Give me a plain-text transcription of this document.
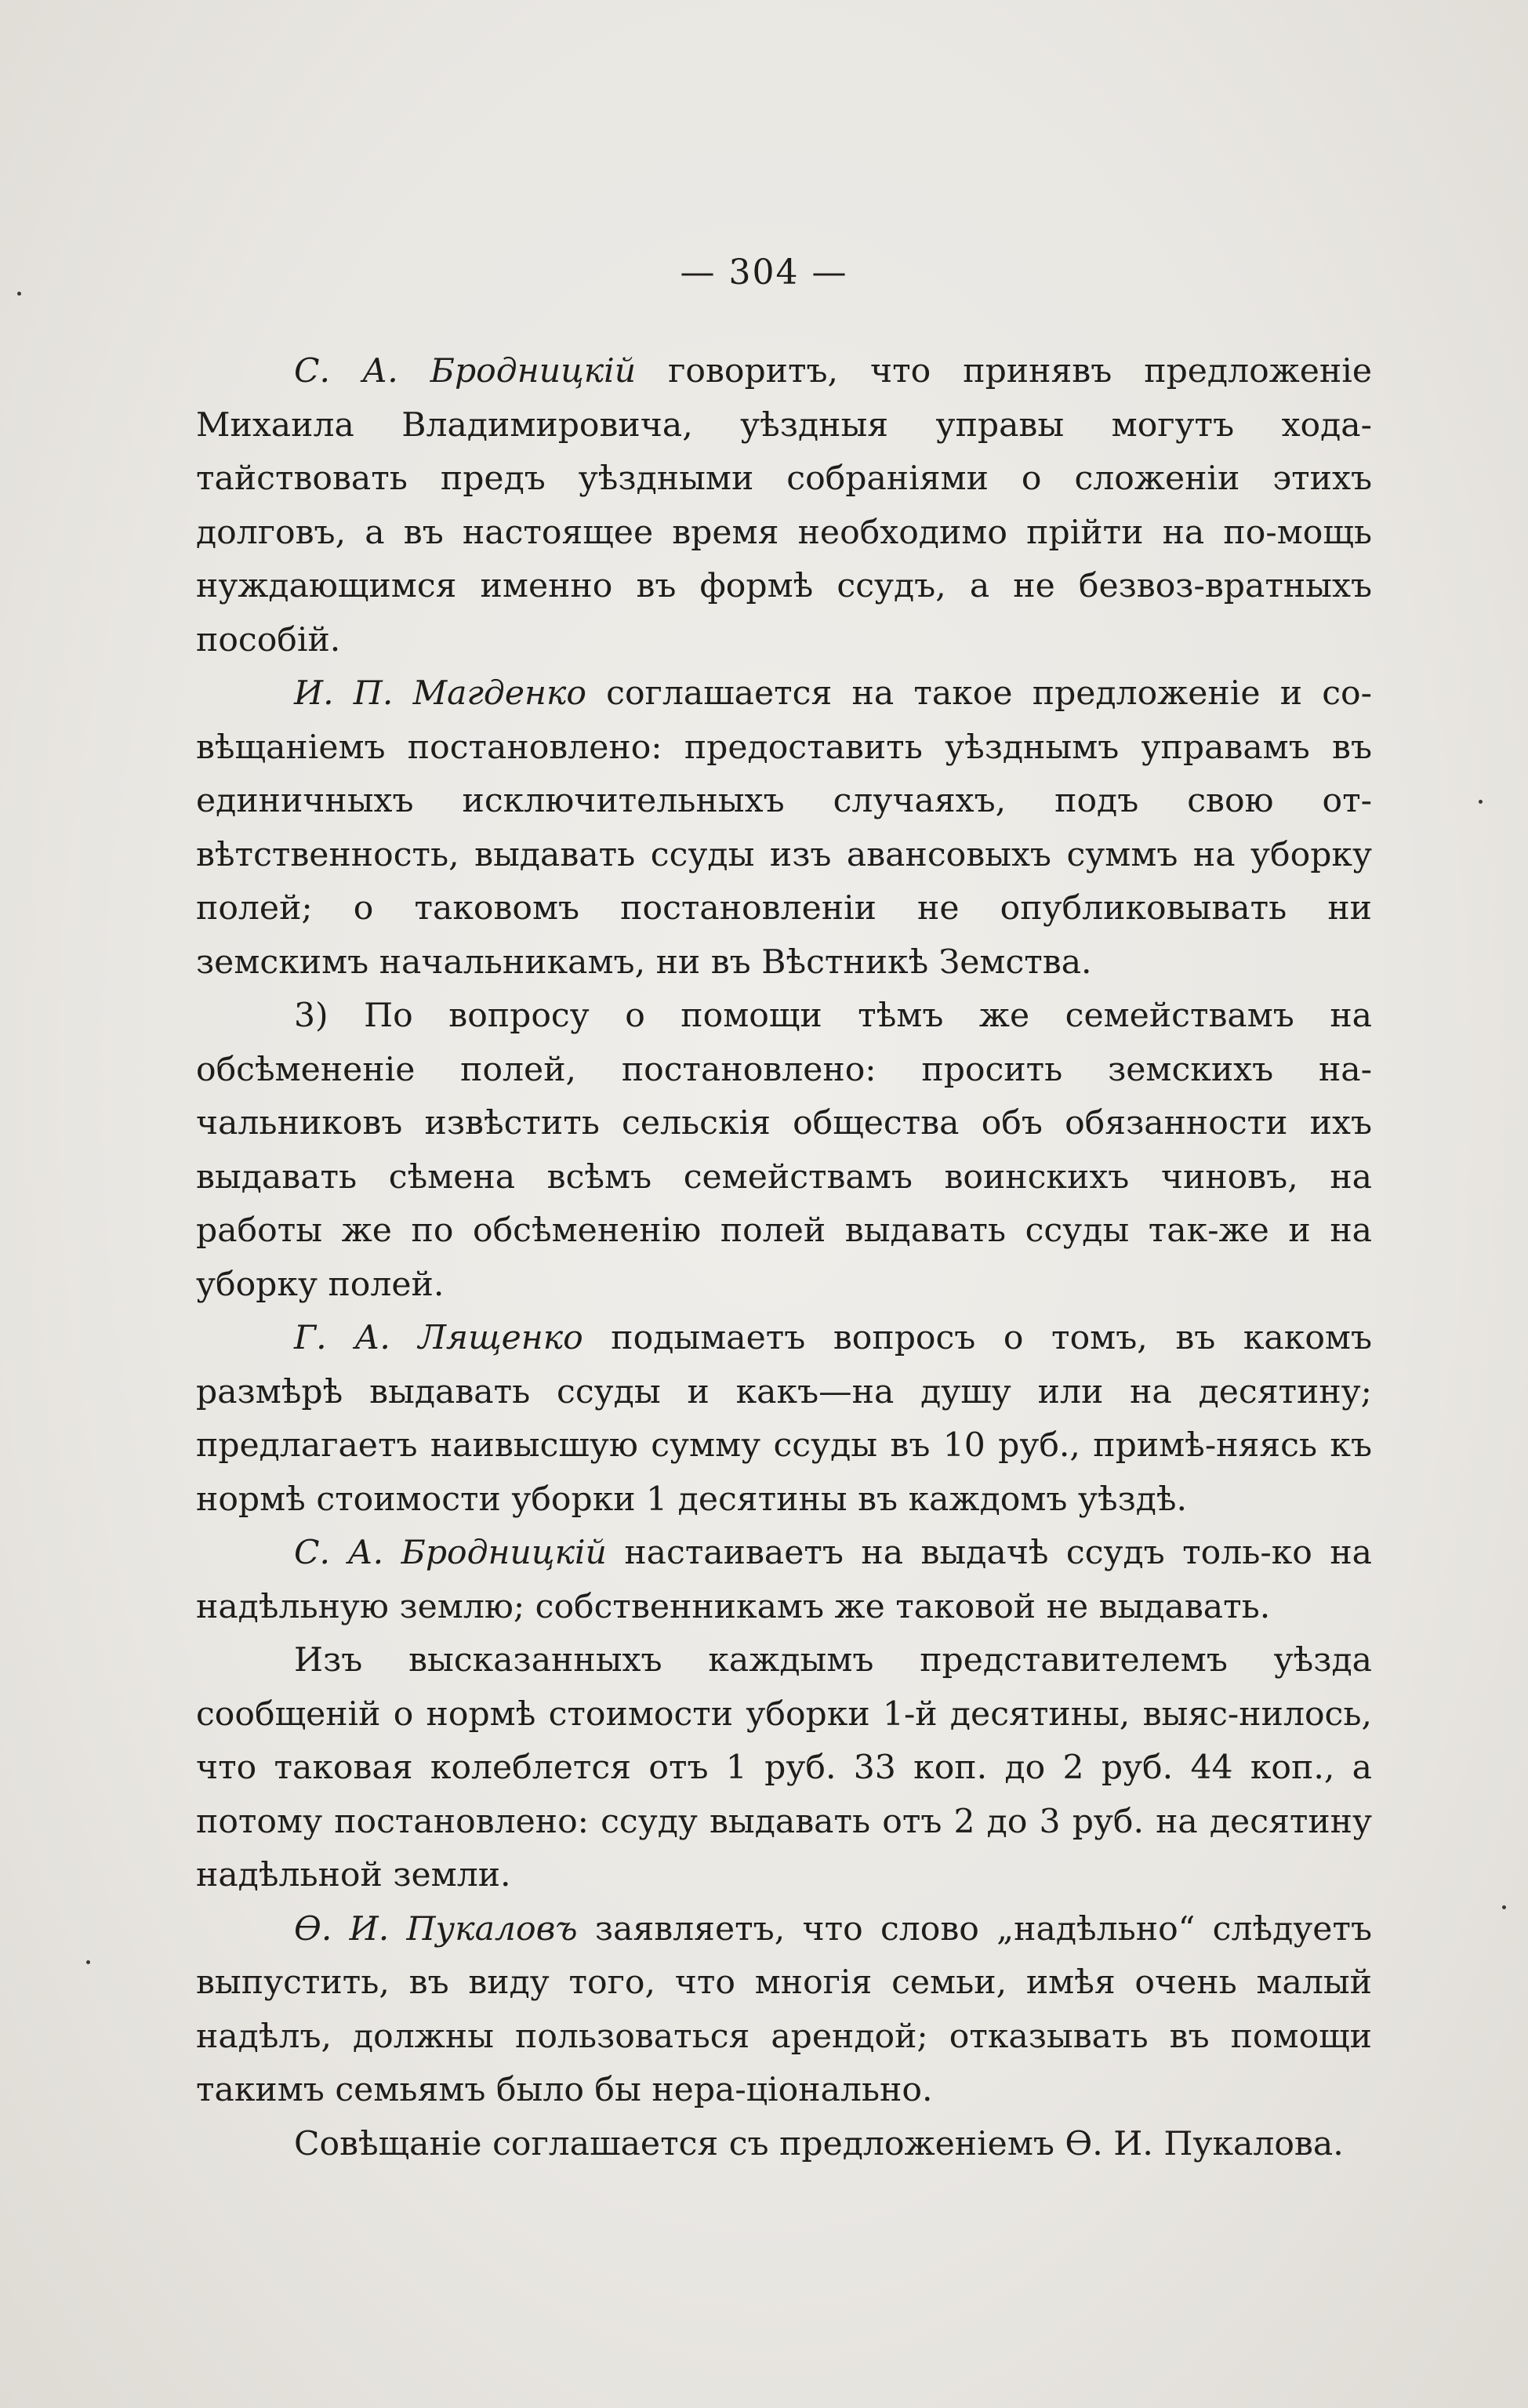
— 304 —

С. А. Бродницкій говоритъ, что принявъ предложеніе Михаила Владимировича, уѣздныя управы могутъ хода-тайствовать предъ уѣздными собраніями о сложеніи этихъ долговъ, а въ настоящее время необходимо прійти на по-мощь нуждающимся именно въ формѣ ссудъ, а не безвоз-вратныхъ пособій.

И. П. Магденко соглашается на такое предложеніе и со-вѣщаніемъ постановлено: предоставить уѣзднымъ управамъ въ единичныхъ исключительныхъ случаяхъ, подъ свою от-вѣтственность, выдавать ссуды изъ авансовыхъ суммъ на уборку полей; о таковомъ постановленіи не опубликовывать ни земскимъ начальникамъ, ни въ Вѣстникѣ Земства.

3) По вопросу о помощи тѣмъ же семействамъ на обсѣмененіе полей, постановлено: просить земскихъ на-чальниковъ извѣстить сельскія общества объ обязанности ихъ выдавать сѣмена всѣмъ семействамъ воинскихъ чиновъ, на работы же по обсѣмененію полей выдавать ссуды так-же и на уборку полей.

Г. А. Лященко подымаетъ вопросъ о томъ, въ какомъ размѣрѣ выдавать ссуды и какъ—на душу или на десятину; предлагаетъ наивысшую сумму ссуды въ 10 руб., примѣ-няясь къ нормѣ стоимости уборки 1 десятины въ каждомъ уѣздѣ.

С. А. Бродницкій настаиваетъ на выдачѣ ссудъ толь-ко на надѣльную землю; собственникамъ же таковой не выдавать.

Изъ высказанныхъ каждымъ представителемъ уѣзда сообщеній о нормѣ стоимости уборки 1-й десятины, выяс-нилось, что таковая колеблется отъ 1 руб. 33 коп. до 2 руб. 44 коп., а потому постановлено: ссуду выдавать отъ 2 до 3 руб. на десятину надѣльной земли.

Ѳ. И. Пукаловъ заявляетъ, что слово „надѣльно“ слѣдуетъ выпустить, въ виду того, что многія семьи, имѣя очень малый надѣлъ, должны пользоваться арендой; отказывать въ помощи такимъ семьямъ было бы нера-ціонально.

Совѣщаніе соглашается съ предложеніемъ Ѳ. И. Пукалова.
